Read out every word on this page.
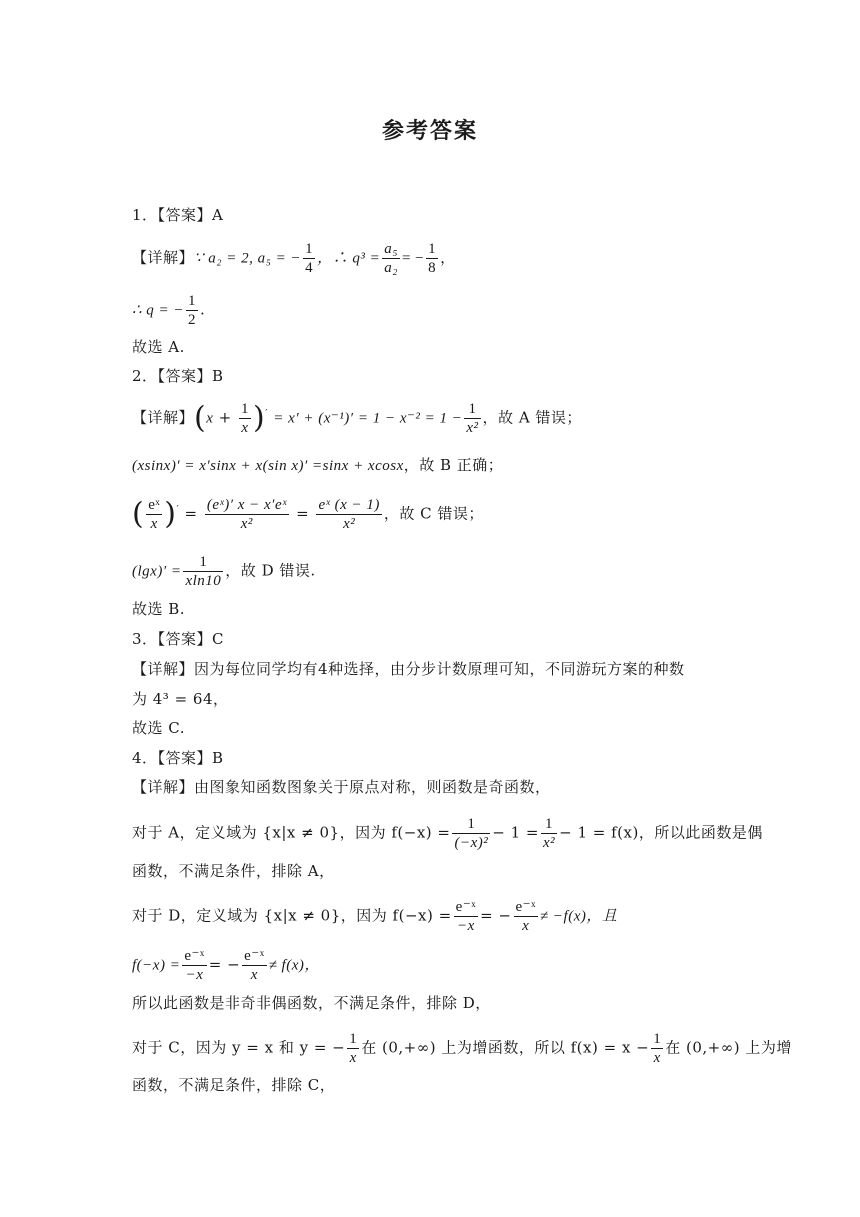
参考答案
1．【答案】A
【详解】∵ a₂ = 2, a₅ = − $\frac{1}{4}$ ，∴ $q^3 = \frac{\text{a₅}}{\text{a₂}}$ = − $\frac{1}{8}$ ，
∴ q = − $\frac{1}{2}$ .
故选 A.
2．【答案】B
【详解】$(x + \frac{1}{x} )' = x' + (x^{-1})' = 1 - x^{-2} = 1 - \frac{1}{\text{x²}}$ ，故 A 错误；
(xsinx)′ = x′sinx + x(sin x)′ =sinx + xcosx，故 B 正确；
( $\frac{\text{eˣ}}{x} )' = \frac{\text{(eˣ)′ x − x′eˣ}}{\text{x²}} = \frac{\text{eˣ (x − 1)}}{\text{x²}}$ ，故 C 错误；
$(\lg x)' = \frac{1}{xln10}$ ，故 D 错误.
故选 B.
3．【答案】C
【详解】因为每位同学均有4种选择，由分步计数原理可知，不同游玩方案的种数
为 4³ = 64，
故选 C.
4．【答案】B
【详解】由图象知函数图象关于原点对称，则函数是奇函数，
对于 A，定义域为 {x|x ≠ 0}，因为 $f(-x) = \frac{1}{\text{(−x)²}} - 1 = \frac{1}{\text{x²}} - 1 = f(x)$，所以此函数是偶
函数，不满足条件，排除 A，
对于 D，定义域为 {x|x ≠ 0}，因为 $f(-x) = \frac{\text{e⁻ˣ}}{-x}$ = − $\frac{\text{e⁻ˣ}}{x} \ne -f(x)$，且
$f(-x) = \frac{\text{e⁻ˣ}}{-x}$ = − $\frac{\text{e⁻ˣ}}{x} \ne f(x)$，
所以此函数是非奇非偶函数，不满足条件，排除 D，
对于 C，因为 y = x 和 y = − $\frac{1}{x}$ 在 (0,+∞) 上为增函数，所以 $f(x) = x - \frac{1}{x}$ 在 (0,+∞) 上为增
函数，不满足条件，排除 C，
